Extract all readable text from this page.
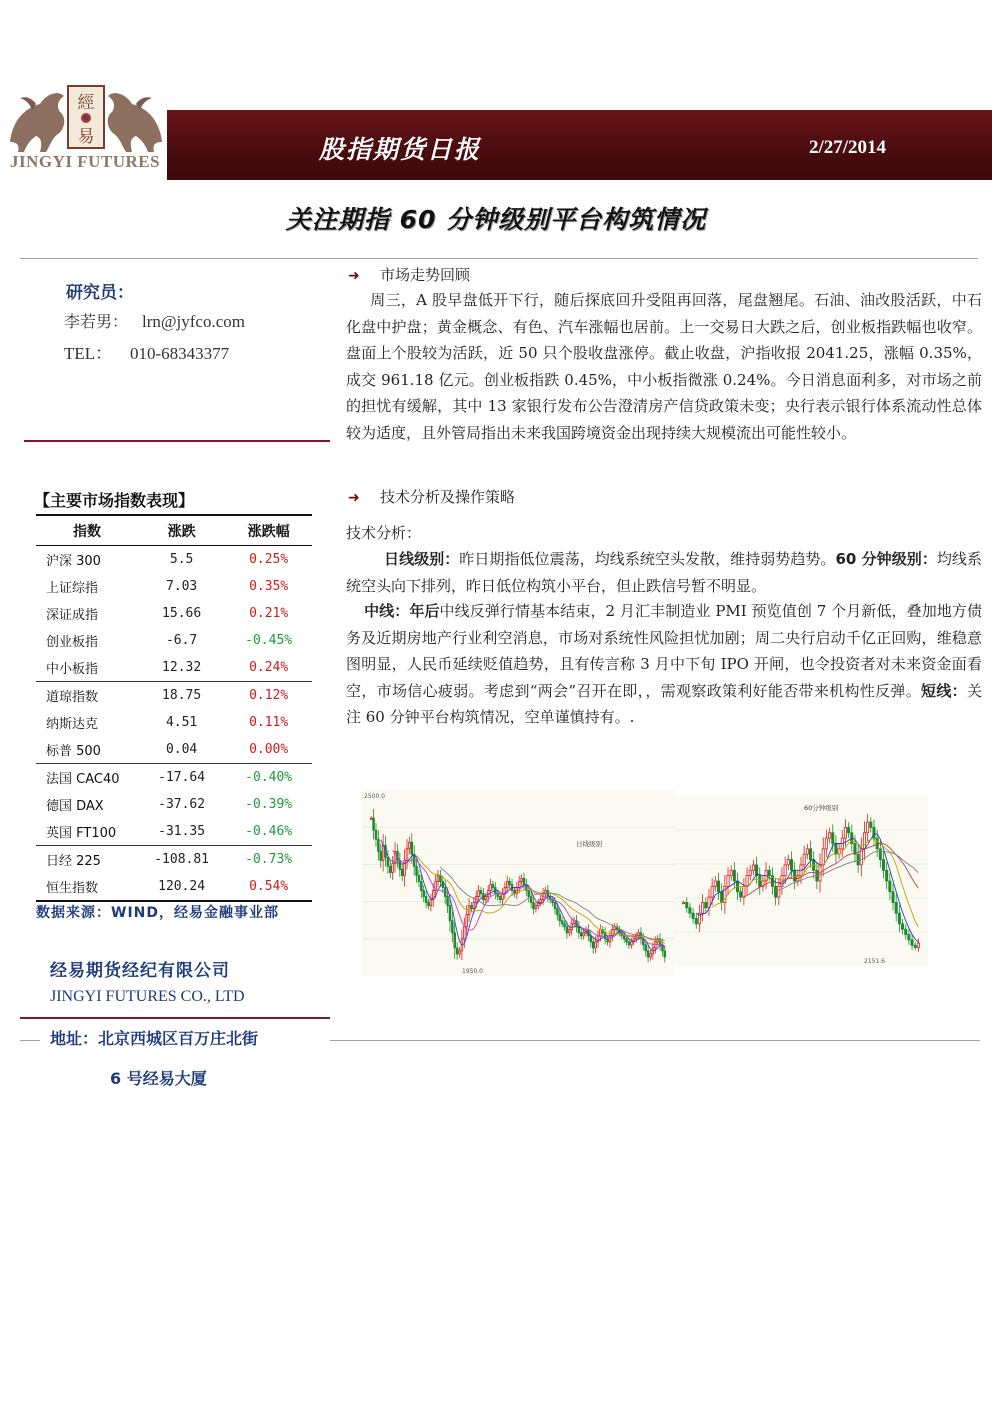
經
易
JINGYI FUTURES	股指期货日报	2/27/2014
关注期指 60 分钟级别平台构筑情况
研究员：
李若男： lrn@jyfco.com
TEL： 010-68343377
【主要市场指数表现】
指数	涨跌	涨跌幅
沪深 300	5.5	0.25%
上证综指	7.03	0.35%
深证成指	15.66	0.21%
创业板指	-6.7	-0.45%
中小板指	12.32	0.24%
道琼指数	18.75	0.12%
纳斯达克	4.51	0.11%
标普 500	0.04	0.00%
法国 CAC40	-17.64	-0.40%
德国 DAX	-37.62	-0.39%
英国 FT100	-31.35	-0.46%
日经 225	-108.81	-0.73%
恒生指数	120.24	0.54%
数据来源：WIND，经易金融事业部
经易期货经纪有限公司
JINGYI FUTURES CO., LTD
地址：北京西城区百万庄北街
6 号经易大厦
➜ 市场走势回顾
周三，A 股早盘低开下行，随后探底回升受阻再回落，尾盘翘尾。石油、油改股活跃，中石化盘中护盘；黄金概念、有色、汽车涨幅也居前。上一交易日大跌之后，创业板指跌幅也收窄。盘面上个股较为活跃，近 50 只个股收盘涨停。截止收盘，沪指收报 2041.25，涨幅 0.35%，成交 961.18 亿元。创业板指跌 0.45%，中小板指微涨 0.24%。今日消息面利多，对市场之前的担忧有缓解，其中 13 家银行发布公告澄清房产信贷政策未变；央行表示银行体系流动性总体较为适度，且外管局指出未来我国跨境资金出现持续大规模流出可能性较小。
➜ 技术分析及操作策略
技术分析：
日线级别：昨日期指低位震荡，均线系统空头发散，维持弱势趋势。60 分钟级别：均线系统空头向下排列，昨日低位构筑小平台，但止跌信号暂不明显。
中线：年后中线反弹行情基本结束，2 月汇丰制造业 PMI 预览值创 7 个月新低，叠加地方债务及近期房地产行业利空消息，市场对系统性风险担忧加剧；周二央行启动千亿正回购，维稳意图明显，人民币延续贬值趋势，且有传言称 3 月中下旬 IPO 开闸，也令投资者对未来资金面看空，市场信心疲弱。考虑到“两会”召开在即，，需观察政策利好能否带来机构性反弹。短线：关注 60 分钟平台构筑情况，空单谨慎持有。.
2500.0
1950.0
日线级别
2151.6
60分钟级别
